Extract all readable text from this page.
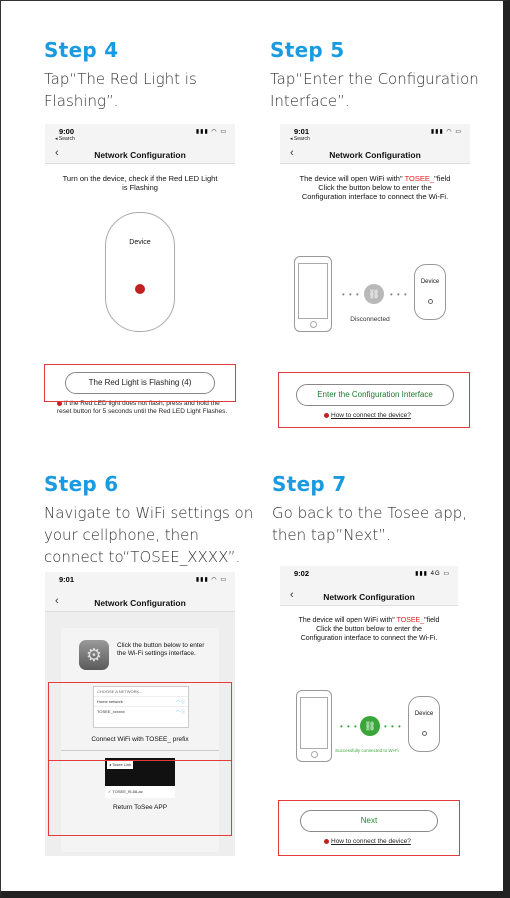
Step 4
Tap“The Red Light is Flashing”.
Step 5
Tap“Enter the Configuration Interface”.
Step 6
Navigate to WiFi settings on your cellphone, then connect to“TOSEE_XXXX”.
Step 7
Go back to the Tosee app, then tap”Next”.
9:00
◂ Search
▮▮▮ ◠ ▭
‹	Network Configuration
Turn on the device, check if the Red LED Light is Flashing
Device
The Red Light is Flashing (4)
If the Red LED light does not flash, press and hold the reset button for 5 seconds until the Red LED Light Flashes.
9:01
◂ Search
▮▮▮ ◠ ▭
‹	Network Configuration
The device will open WiFi with" TOSEE_"field Click the button below to enter the Configuration interface to connect the Wi-Fi.
• • • ⛓	• • •
Device
Disconnected
Enter the Configuration Interface
How to connect the device?
9:01	▮▮▮ ◠ ▭
‹	Network Configuration
⚙	Click the button below to enter the Wi-Fi settings interface.
CHOOSE A NETWORK...
Home network	◠ ⓘ
TOSEE_xxxxxx	◠ ⓘ
Connect WiFi with TOSEE_ prefix
◂ Tosee Link
✓ TOSEE_f5-58-ac
Return ToSee APP
9:02	▮▮▮ 4G ▭
‹	Network Configuration
The device will open WiFi with" TOSEE_"field Click the button below to enter the Configuration interface to connect the Wi-Fi.
• • • ⛓	• • •
Device
Successfully connected to Wi-Fi
Next
How to connect the device?
